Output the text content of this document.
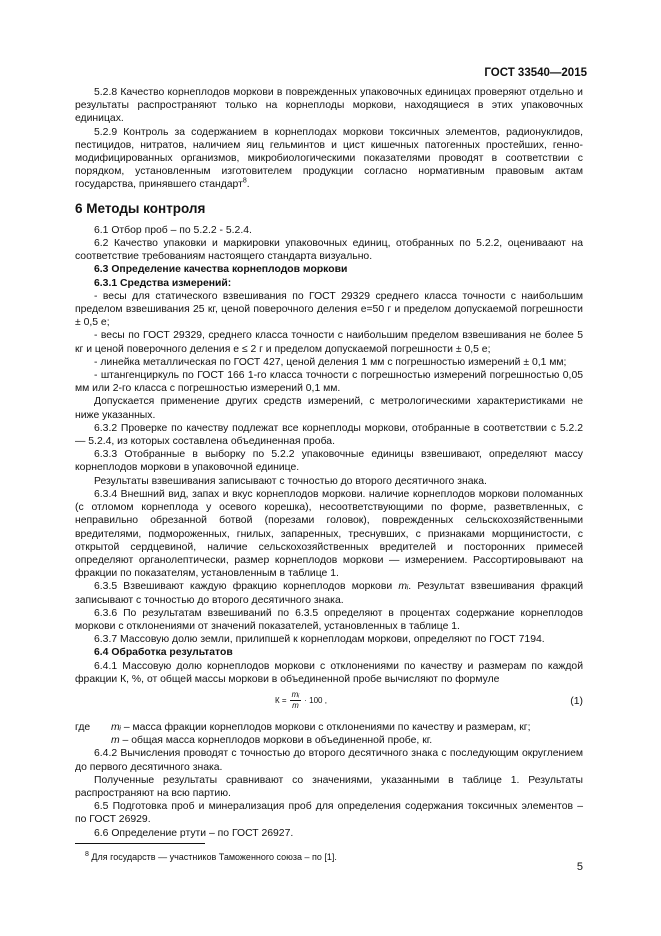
ГОСТ 33540—2015

5.2.8 Качество корнеплодов моркови в поврежденных упаковочных единицах проверяют отдельно и результаты распространяют только на корнеплоды моркови, находящиеся в этих упаковочных единицах.

5.2.9 Контроль за содержанием в корнеплодах моркови токсичных элементов, радионуклидов, пестицидов, нитратов, наличием яиц гельминтов и цист кишечных патогенных простейших, генно-модифицированных организмов, микробиологическими показателями проводят в соответствии с порядком, установленным изготовителем продукции согласно нормативным правовым актам государства, принявшего стандарт$^8$.

6 Методы контроля

6.1 Отбор проб – по 5.2.2 - 5.2.4.

6.2 Качество упаковки и маркировки упаковочных единиц, отобранных по 5.2.2, оцениваают на соответствие требованиям настоящего стандарта визуально.

6.3 Определение качества корнеплодов моркови

6.3.1 Средства измерений:

- весы для статического взвешивания по ГОСТ 29329 среднего класса точности с наибольшим пределом взвешивания 25 кг, ценой поверочного деления е=50 г и пределом допускаемой погрешности ± 0,5 е;

- весы по ГОСТ 29329, среднего класса точности с наибольшим пределом взвешивания не более 5 кг и ценой поверочного деления е ≤ 2 г и пределом допускаемой погрешности ± 0,5 е;

- линейка металлическая по ГОСТ 427, ценой деления 1 мм с погрешностью измерений ± 0,1 мм;

- штангенциркуль по ГОСТ 166 1-го класса точности с погрешностью измерений погрешностью 0,05 мм или 2-го класса с погрешностью измерений 0,1 мм.

Допускается применение других средств измерений, с метрологическими характеристиками не ниже указанных.

6.3.2 Проверке по качеству подлежат все корнеплоды моркови, отобранные в соответствии с 5.2.2 — 5.2.4, из которых составлена объединенная проба.

6.3.3 Отобранные в выборку по 5.2.2 упаковочные единицы взвешивают, определяют массу корнеплодов моркови в упаковочной единице.

Результаты взвешивания записывают с точностью до второго десятичного знака.

6.3.4 Внешний вид, запах и вкус корнеплодов моркови. наличие корнеплодов моркови поломанных (с отломом корнеплода у осевого корешка), несоответствующими по форме, разветвленных, с неправильно обрезанной ботвой (порезами головок), поврежденных сельскохозяйственными вредителями, подмороженных, гнилых, запаренных, треснувших, с признаками морщинистости, с открытой сердцевиной, наличие сельскохозяйственных вредителей и посторонних примесей определяют органолептически, размер корнеплодов моркови — измерением. Рассортировывают на фракции по показателям, установленным в таблице 1.

6.3.5 Взвешивают каждую фракцию корнеплодов моркови mᵢ. Результат взвешивания фракций записывают с точностью до второго десятичного знака.

6.3.6 По результатам взвешиваний по 6.3.5 определяют в процентах содержание корнеплодов моркови с отклонениями от значений показателей, установленных в таблице 1.

6.3.7 Массовую долю земли, прилипшей к корнеплодам моркови, определяют по ГОСТ 7194.

6.4 Обработка результатов

6.4.1 Массовую долю корнеплодов моркови с отклонениями по качеству и размерам по каждой фракции К, %, от общей массы моркови в объединенной пробе вычисляют по формуле

$К = \frac{\text{mᵢ}}{m} \cdot 100$ ,	(1)
где	mᵢ – масса фракции корнеплодов моркови с отклонениями по качеству и размерам, кг;
m – общая масса корнеплодов моркови в объединенной пробе, кг.

6.4.2 Вычисления проводят с точностью до второго десятичного знака с последующим округлением до первого десятичного знака.

Полученные результаты сравнивают со значениями, указанными в таблице 1. Результаты распространяют на всю партию.

6.5 Подготовка проб и минерализация проб для определения содержания токсичных элементов – по ГОСТ 26929.

6.6 Определение ртути – по ГОСТ 26927.

$^8$ Для государств — участников Таможенного союза – по [1].
5
